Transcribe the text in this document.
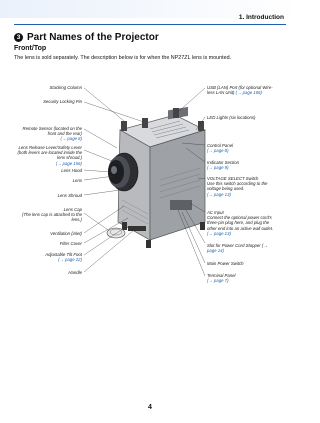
1. Introduction
3 Part Names of the Projector
Front/Top
The lens is sold separately. The description below is for when the NP27ZL lens is mounted.
Stacking Column
Security Locking Pin
Remote Sensor (located on the
front and the rear)
(→ page 8)
Lens Release Lever/Safety Lever
(both levers are located inside the
lens shroud.)
(→ page 156)
Lens Hood
Lens
Lens Shroud
Lens Cap
(The lens cap is attached to the
lens.)
Ventilation (inlet)
Filter Cover
Adjustable Tilt Foot
(→ page 22)
Handle
USB (LAN) Port (for optional Wire-
less LAN Unit) (→ page 106)
LED Lights (six locations)
Control Panel
(→ page 8)
Indicator Section
(→ page 9)
VOLTAGE SELECT Switch
Use this switch according to the
voltage being used.
(→ page 13)
AC Input
Connect the optional power cord's
three-pin plug here, and plug the
other end into an active wall outlet.
(→ page 13)
Slot for Power Cord Stopper (→
page 14)
Main Power Switch
Terminal Panel
(→ page 7)
4
